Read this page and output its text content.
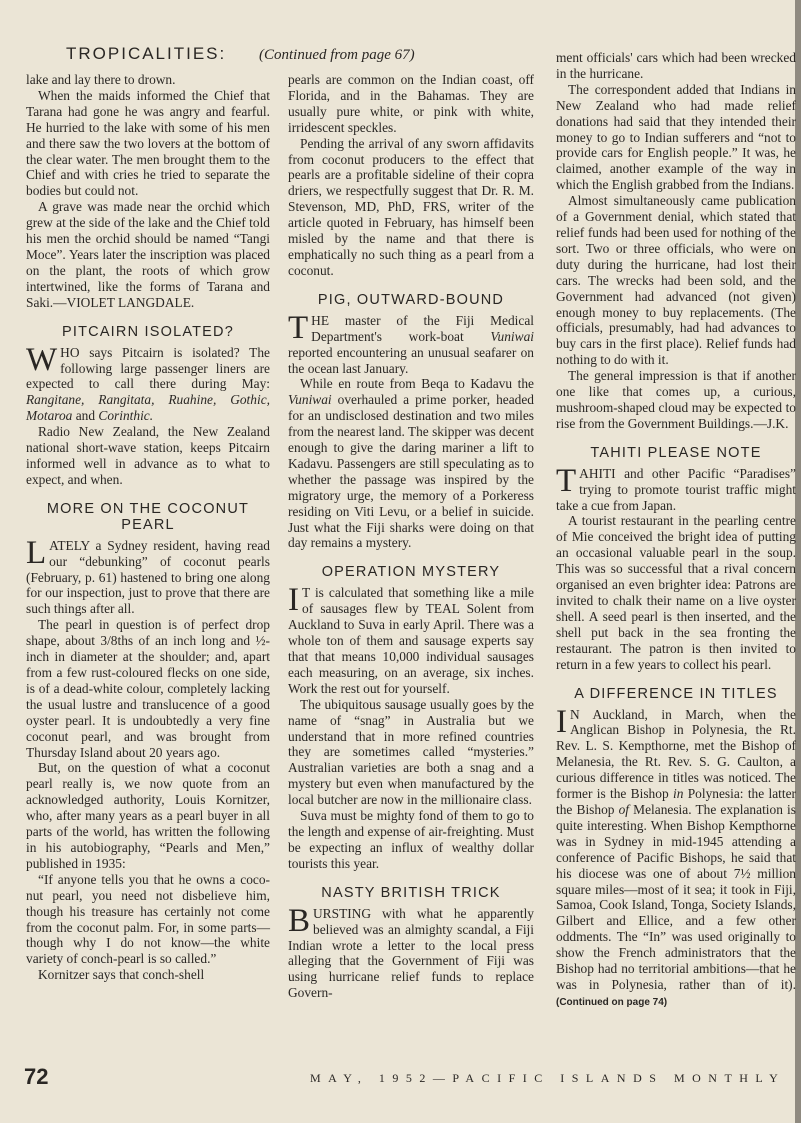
TROPICALITIES: (Continued from page 67)

lake and lay there to drown.

When the maids informed the Chief that Tarana had gone he was angry and fearful. He hurried to the lake with some of his men and there saw the two lovers at the bottom of the clear water. The men brought them to the Chief and with cries he tried to separate the bodies but could not.

A grave was made near the orchid which grew at the side of the lake and the Chief told his men the orchid should be named “Tangi Moce”. Years later the inscription was placed on the plant, the roots of which grow intertwined, like the forms of Tarana and Saki.—VIOLET LANGDALE.

PITCAIRN ISOLATED?

WHO says Pitcairn is isolated? The following large passenger liners are expected to call there during May: Rangitane, Rangitata, Ruahine, Gothic, Motaroa and Corinthic.

Radio New Zealand, the New Zealand national short-wave station, keeps Pitcairn informed well in advance as to what to expect, and when.

MORE ON THE COCONUT PEARL

LATELY a Sydney resident, having read our “debunking” of coconut pearls (February, p. 61) hastened to bring one along for our inspection, just to prove that there are such things after all.

The pearl in question is of perfect drop shape, about 3/8ths of an inch long and ½-inch in diameter at the shoulder; and, apart from a few rust-coloured flecks on one side, is of a dead-white colour, completely lacking the usual lustre and translucence of a good oyster pearl. It is undoubtedly a very fine coconut pearl, and was brought from Thursday Island about 20 years ago.

But, on the question of what a coconut pearl really is, we now quote from an acknowledged authority, Louis Kornitzer, who, after many years as a pearl buyer in all parts of the world, has written the following in his autobiography, “Pearls and Men,” published in 1935:

“If anyone tells you that he owns a coco-nut pearl, you need not disbelieve him, though his treasure has certainly not come from the coconut palm. For, in some parts—though why I do not know—the white variety of conch-pearl is so called.”

Kornitzer says that conch-shell

pearls are common on the Indian coast, off Florida, and in the Bahamas. They are usually pure white, or pink with white, irridescent speckles.

Pending the arrival of any sworn affidavits from coconut producers to the effect that pearls are a profitable sideline of their copra driers, we respectfully suggest that Dr. R. M. Stevenson, MD, PhD, FRS, writer of the article quoted in February, has himself been misled by the name and that there is emphatically no such thing as a pearl from a coconut.

PIG, OUTWARD-BOUND

THE master of the Fiji Medical Department's work-boat Vuniwai reported encountering an unusual seafarer on the ocean last January.

While en route from Beqa to Kadavu the Vuniwai overhauled a prime porker, headed for an undisclosed destination and two miles from the nearest land. The skipper was decent enough to give the daring mariner a lift to Kadavu. Passengers are still speculating as to whether the passage was inspired by the migratory urge, the memory of a Porkeress residing on Viti Levu, or a belief in suicide. Just what the Fiji sharks were doing on that day remains a mystery.

OPERATION MYSTERY

IT is calculated that something like a mile of sausages flew by TEAL Solent from Auckland to Suva in early April. There was a whole ton of them and sausage experts say that that means 10,000 individual sausages each measuring, on an average, six inches. Work the rest out for yourself.

The ubiquitous sausage usually goes by the name of “snag” in Australia but we understand that in more refined countries they are sometimes called “mysteries.” Australian varieties are both a snag and a mystery but even when manufactured by the local butcher are now in the millionaire class.

Suva must be mighty fond of them to go to the length and expense of air-freighting. Must be expecting an influx of wealthy dollar tourists this year.

NASTY BRITISH TRICK

BURSTING with what he apparently believed was an almighty scandal, a Fiji Indian wrote a letter to the local press alleging that the Government of Fiji was using hurricane relief funds to replace Govern-

ment officials' cars which had been wrecked in the hurricane.

The correspondent added that Indians in New Zealand who had made relief donations had said that they intended their money to go to Indian sufferers and “not to provide cars for English people.” It was, he claimed, another example of the way in which the English grabbed from the Indians.

Almost simultaneously came publication of a Government denial, which stated that relief funds had been used for nothing of the sort. Two or three officials, who were on duty during the hurricane, had lost their cars. The wrecks had been sold, and the Government had advanced (not given) enough money to buy replacements. (The officials, presumably, had had advances to buy cars in the first place). Relief funds had nothing to do with it.

The general impression is that if another one like that comes up, a curious, mushroom-shaped cloud may be expected to rise from the Government Buildings.—J.K.

TAHITI PLEASE NOTE

TAHITI and other Pacific “Paradises” trying to promote tourist traffic might take a cue from Japan.

A tourist restaurant in the pearling centre of Mie conceived the bright idea of putting an occasional valuable pearl in the soup. This was so successful that a rival concern organised an even brighter idea: Patrons are invited to chalk their name on a live oyster shell. A seed pearl is then inserted, and the shell put back in the sea fronting the restaurant. The patron is then invited to return in a few years to collect his pearl.

A DIFFERENCE IN TITLES

IN Auckland, in March, when the Anglican Bishop in Polynesia, the Rt. Rev. L. S. Kempthorne, met the Bishop of Melanesia, the Rt. Rev. S. G. Caulton, a curious difference in titles was noticed. The former is the Bishop in Polynesia: the latter the Bishop of Melanesia. The explanation is quite interesting. When Bishop Kempthorne was in Sydney in mid-1945 attending a conference of Pacific Bishops, he said that his diocese was one of about 7½ million square miles—most of it sea; it took in Fiji, Samoa, Cook Island, Tonga, Society Islands, Gilbert and Ellice, and a few other oddments. The “In” was used originally to show the French administrators that the Bishop had no territorial ambitions—that he was in Polynesia, rather than of it). (Continued on page 74)

72	MAY, 1952—PACIFIC ISLANDS MONTHLY
